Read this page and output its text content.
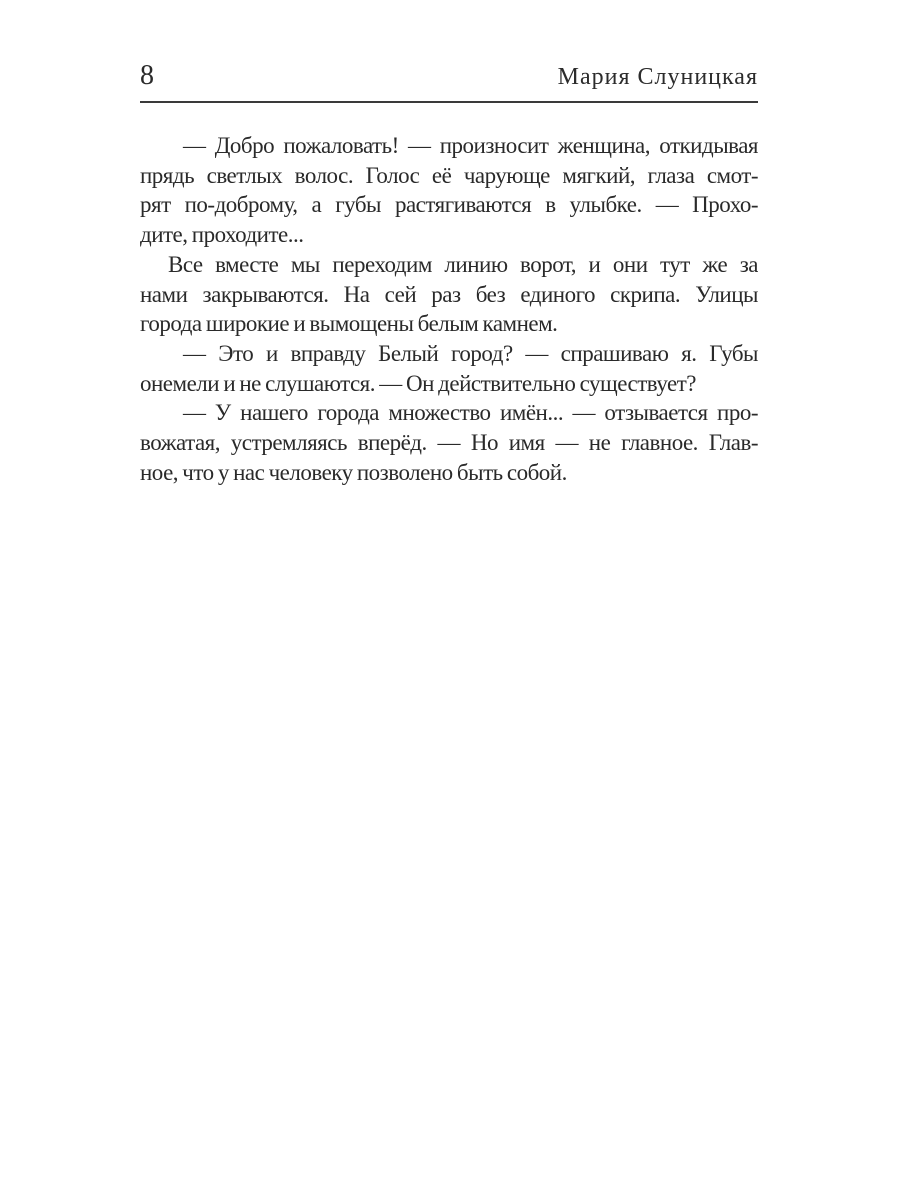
8	Мария Слуницкая
— Добро пожаловать! — произносит женщина, откидывая
прядь светлых волос. Голос её чарующе мягкий, глаза смот-
рят по-доброму, а губы растягиваются в улыбке. — Прохо-
дите, проходите...
Все вместе мы переходим линию ворот, и они тут же за
нами закрываются. На сей раз без единого скрипа. Улицы
города широкие и вымощены белым камнем.
— Это и вправду Белый город? — спрашиваю я. Губы
онемели и не слушаются. — Он действительно существует?
— У нашего города множество имён... — отзывается про-
вожатая, устремляясь вперёд. — Но имя — не главное. Глав-
ное, что у нас человеку позволено быть собой.
